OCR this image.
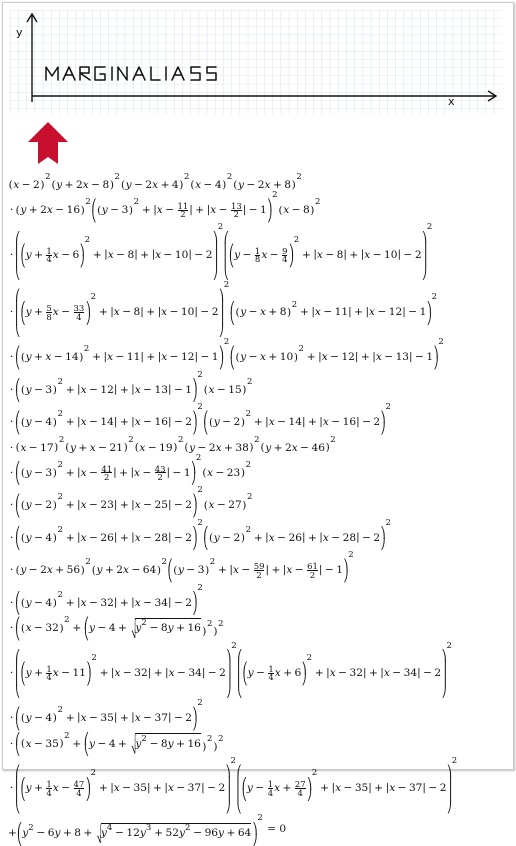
y
x
( x − 2 )
2
( y + 2 x − 8 )
2
( y − 2 x + 4 )
2
( x − 4 )
2
( y − 2 x + 8 )
2
· ( y + 2 x − 16 )
2 (
( y − 3 )
2
+ | x − 11
2 | + | x − 13
2 | − 1
)
2
( x − 8 )
2
·
(
(
𝑦 + 1
4 x − 6
)
2
+ | x − 8 | + | x − 10 | − 2
)
2
(
(
𝑦 − 1
8 x − 9
4
)
2
+ | x − 8 | + | x − 10 | − 2
)
2
·
(
(
𝑦 + 5
8 x − 33
4
)
2
+ | x − 8 | + | x − 10 | − 2
)
2
(
( y − x + 8 )
2
+ | x − 11 | + | x − 12 | − 1
)
2
·
(
( y + x − 14 )
2
+ | x − 11 | + | x − 12 | − 1
)
2
(
( y − x + 10 )
2
+ | x − 12 | + | x − 13 | − 1
)
2
·
(
( y − 3 )
2
+ | x − 12 | + | x − 13 | − 1
)
2
( x − 15 )
2
·
(
( y − 4 )
2
+ | x − 14 | + | x − 16 | − 2
)
2
(
( y − 2 )
2
+ | x − 14 | + | x − 16 | − 2
)
2
· ( x − 17 )
2
( y + x − 21 )
2
( x − 19 )
2
( y − 2 x + 38 )
2
( y + 2 x − 46 )
2
·
(
( y − 3 )
2
+ | x − 41
2 | + | x − 43
2 | − 1
)
2
( x − 23 )
2
·
(
( y − 2 )
2
+ | x − 23 | + | x − 25 | − 2
)
2
( x − 27 )
2
·
(
( y − 4 )
2
+ | x − 26 | + | x − 28 | − 2
)
2
(
( y − 2 )
2
+ | x − 26 | + | x − 28 | − 2
)
2
· ( y − 2 x + 56 )
2
( y + 2 x − 64 )
2 (
( y − 3 )
2
+ | x − 59
2 | + | x − 61
2 | − 1
)
2
·
(
( y − 4 )
2
+ | x − 32 | + | x − 34 | − 2
)
2
·
(
( x − 32 )
2
+
(
𝑦 − 4 + y 2 − 8 y + 16 )
2
)
2
·
(
(
𝑦 + 1
4 x − 11
)
2
+ | x − 32 | + | x − 34 | − 2
)
2
(
(
𝑦 − 1
4 x + 6
)
2
+ | x − 32 | + | x − 34 | − 2
)
2
·
(
( y − 4 )
2
+ | x − 35 | + | x − 37 | − 2
)
2
·
(
( x − 35 )
2
+
(
𝑦 − 4 + y 2 − 8 y + 16 )
2
)
2
·
(
(
𝑦 + 1
4 x − 47
4
)
2
+ | x − 35 | + | x − 37 | − 2
)
2
(
(
𝑦 − 1
4 x + 27
4
)
2
+ | x − 35 | + | x − 37 | − 2
)
2
+
(
𝑦 2 − 6 y + 8 + y 4 − 12 y 3 + 52 y 2 − 96 y + 64
)
2
= 0
